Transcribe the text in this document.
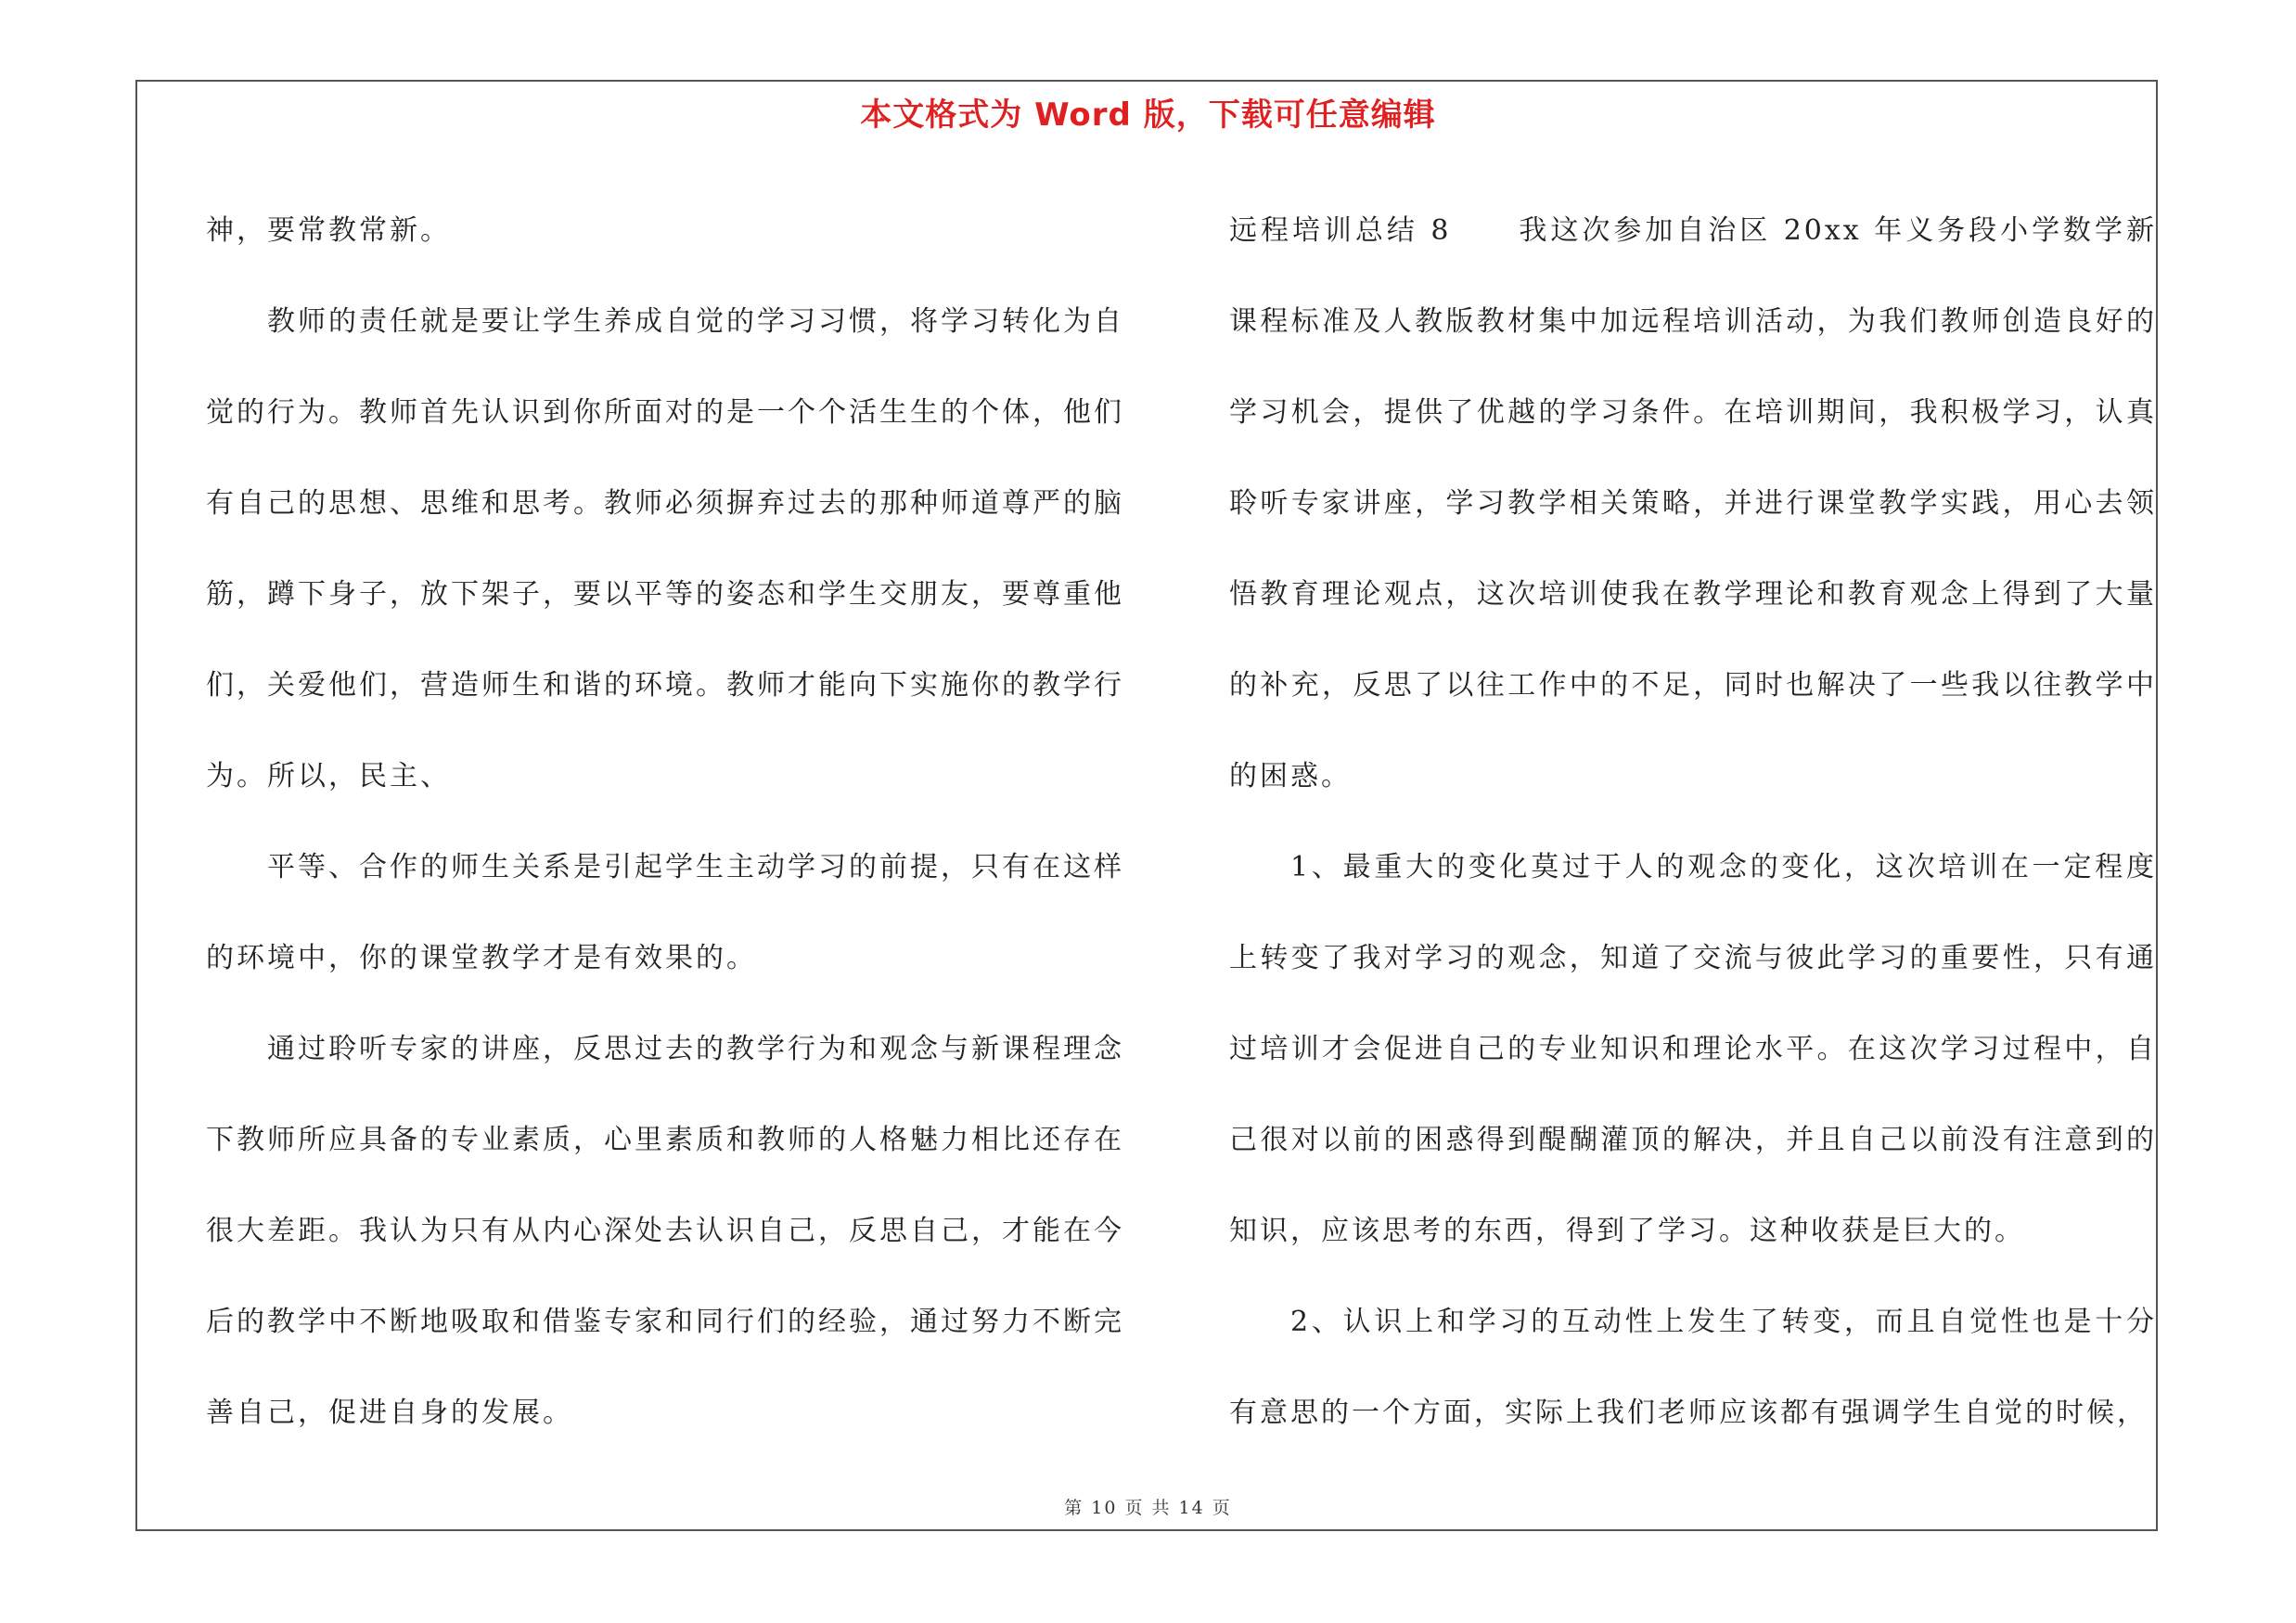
本文格式为 Word 版，下载可任意编辑

神，要常教常新。

教师的责任就是要让学生养成自觉的学习习惯，将学习转化为自觉的行为。教师首先认识到你所面对的是一个个活生生的个体，他们有自己的思想、思维和思考。教师必须摒弃过去的那种师道尊严的脑筋，蹲下身子，放下架子，要以平等的姿态和学生交朋友，要尊重他们，关爱他们，营造师生和谐的环境。教师才能向下实施你的教学行为。所以，民主、

平等、合作的师生关系是引起学生主动学习的前提，只有在这样的环境中，你的课堂教学才是有效果的。

通过聆听专家的讲座，反思过去的教学行为和观念与新课程理念下教师所应具备的专业素质，心里素质和教师的人格魅力相比还存在很大差距。我认为只有从内心深处去认识自己，反思自己，才能在今后的教学中不断地吸取和借鉴专家和同行们的经验，通过努力不断完善自己，促进自身的发展。

远程培训总结 8 我这次参加自治区 20xx 年义务段小学数学新课程标准及人教版教材集中加远程培训活动，为我们教师创造良好的学习机会，提供了优越的学习条件。在培训期间，我积极学习，认真聆听专家讲座，学习教学相关策略，并进行课堂教学实践，用心去领悟教育理论观点，这次培训使我在教学理论和教育观念上得到了大量的补充，反思了以往工作中的不足，同时也解决了一些我以往教学中的困惑。

1、最重大的变化莫过于人的观念的变化，这次培训在一定程度上转变了我对学习的观念，知道了交流与彼此学习的重要性，只有通过培训才会促进自己的专业知识和理论水平。在这次学习过程中，自己很对以前的困惑得到醍醐灌顶的解决，并且自己以前没有注意到的知识，应该思考的东西，得到了学习。这种收获是巨大的。

2、认识上和学习的互动性上发生了转变，而且自觉性也是十分有意思的一个方面，实际上我们老师应该都有强调学生自觉的时候，

第 10 页 共 14 页
